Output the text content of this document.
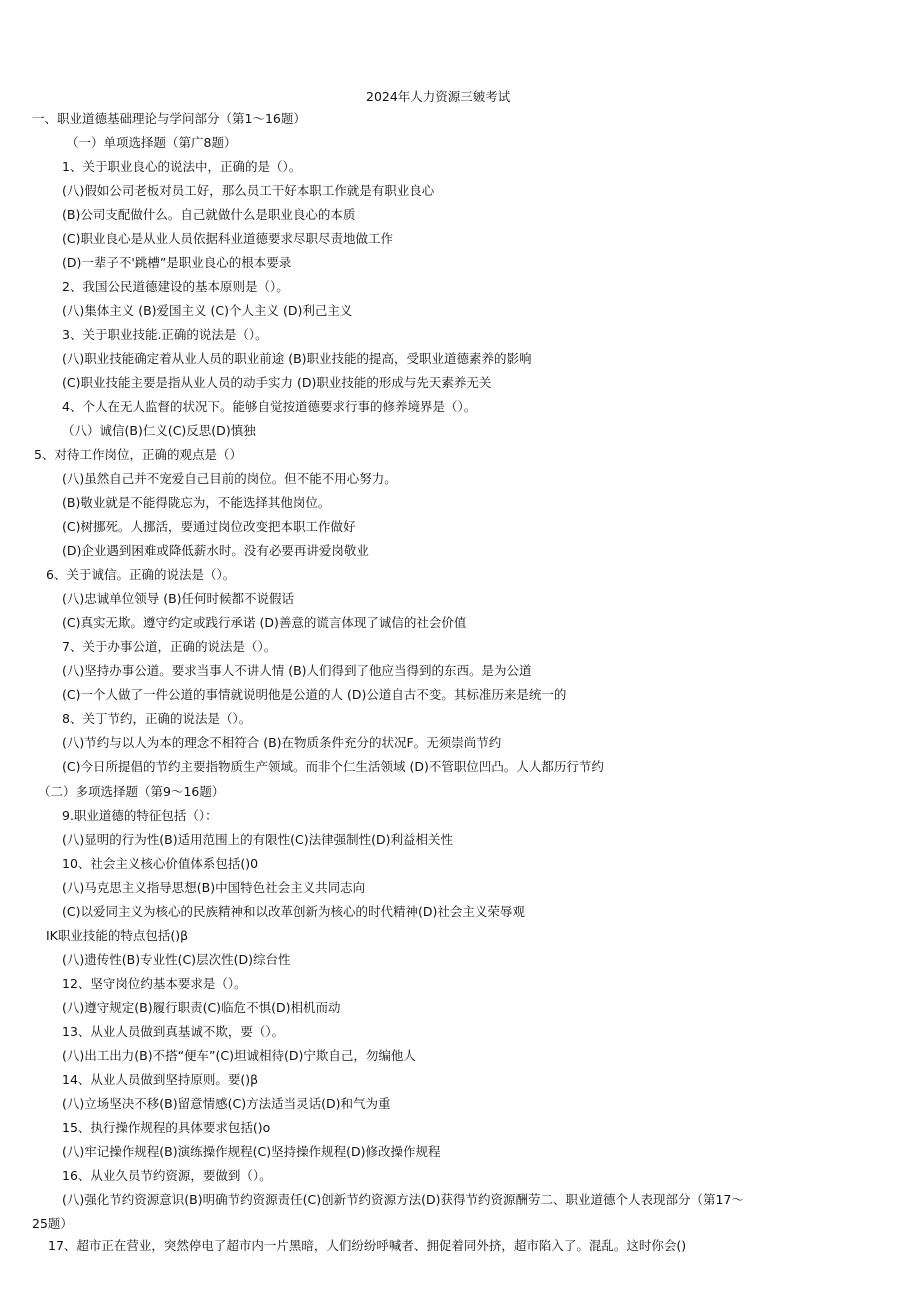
2024年人力资源三皴考试
一、职业道德基础理论与学问部分（第1〜16题）
（一）单项选择题（第广8题）
1、关于职业良心的说法中，正确的是（）。
(八)假如公司老板对员工好，那么员工干好本职工作就是有职业良心
(B)公司支配做什么。自己就做什么是职业良心的本质
(C)职业良心是从业人员依据科业道德要求尽职尽责地做工作
(D)一辈子不'跳槽”是职业良心的根本要录
2、我国公民道德建设的基本原则是（）。
(八)集体主义 (B)爱国主义 (C)个人主义 (D)利己主义
3、关于职业技能.正确的说法是（）。
(八)职业技能确定着从业人员的职业前途 (B)职业技能的提高，受职业道德素养的影响
(C)职业技能主要是指从业人员的动手实力 (D)职业技能的形成与先天素养无关
4、个人在无人监督的状况下。能够自觉按道德要求行事的修养境界是（）。
（八）诚信(B)仁义(C)反思(D)慎独
5、对待工作岗位，正确的观点是（）
(八)虽然自己并不宠爱自己目前的岗位。但不能不用心努力。
(B)敬业就是不能得陇忘为，不能选择其他岗位。
(C)树挪死。人挪活，要通过岗位改变把本职工作做好
(D)企业遇到困难或降低薪水时。没有必要再讲爱岗敬业
6、关于诚信。正确的说法是（）。
(八)忠诚单位领导 (B)任何时候都不说假话
(C)真实无欺。遵守约定或践行承诺 (D)善意的谎言体现了诚信的社会价值
7、关于办事公道，正确的说法是（）。
(八)坚持办事公道。要求当事人不讲人情 (B)人们得到了他应当得到的东西。是为公道
(C)一个人做了一件公道的事情就说明他是公道的人 (D)公道自古不变。其标准历来是统一的
8、关丁节约，正确的说法是（）。
(八)节约与以人为本的理念不相符合 (B)在物质条件充分的状况F。无须崇尚节约
(C)今日所提倡的节约主要指物质生产领域。而非个仁生活领域 (D)不管职位凹凸。人人都历行节约
（二）多项选择题（第9〜16题）
9.职业道德的特征包括（）：
(八)显明的行为性(B)适用范围上的有限性(C)法律强制性(D)利益相关性
10、社会主义核心价值体系包括()0
(八)马克思主义指导思想(B)中国特色社会主义共同志向
(C)以爱同主义为核心的民族精神和以改革创新为核心的时代精神(D)社会主义荣辱观
IK职业技能的特点包括()β
(八)遗传性(B)专业性(C)层次性(D)综台性
12、坚守岗位约基本要求是（）。
(八)遵守规定(B)履行职责(C)临危不惧(D)相机而动
13、从业人员做到真基诚不欺，要（）。
(八)出工出力(B)不搭“便车”(C)坦诚相待(D)宁欺自己，勿编他人
14、从业人员做到坚持原则。要()β
(八)立场坚决不移(B)留意情感(C)方法适当灵话(D)和气为重
15、执行操作规程的具体要求包括()o
(八)牢记操作规程(B)演练操作规程(C)坚持操作规程(D)修改操作规程
16、从业久员节约资源，要做到（）。
(八)强化节约资源意识(B)明确节约资源责任(C)创新节约资源方法(D)获得节约资源酬劳二、职业道德个人表现部分（第17〜
25题）
17、超市正在营业，突然停电了超市内一片黑暗，人们纷纷呼喊者、拥促着同外挤，超市陷入了。混乱。这时你会()
